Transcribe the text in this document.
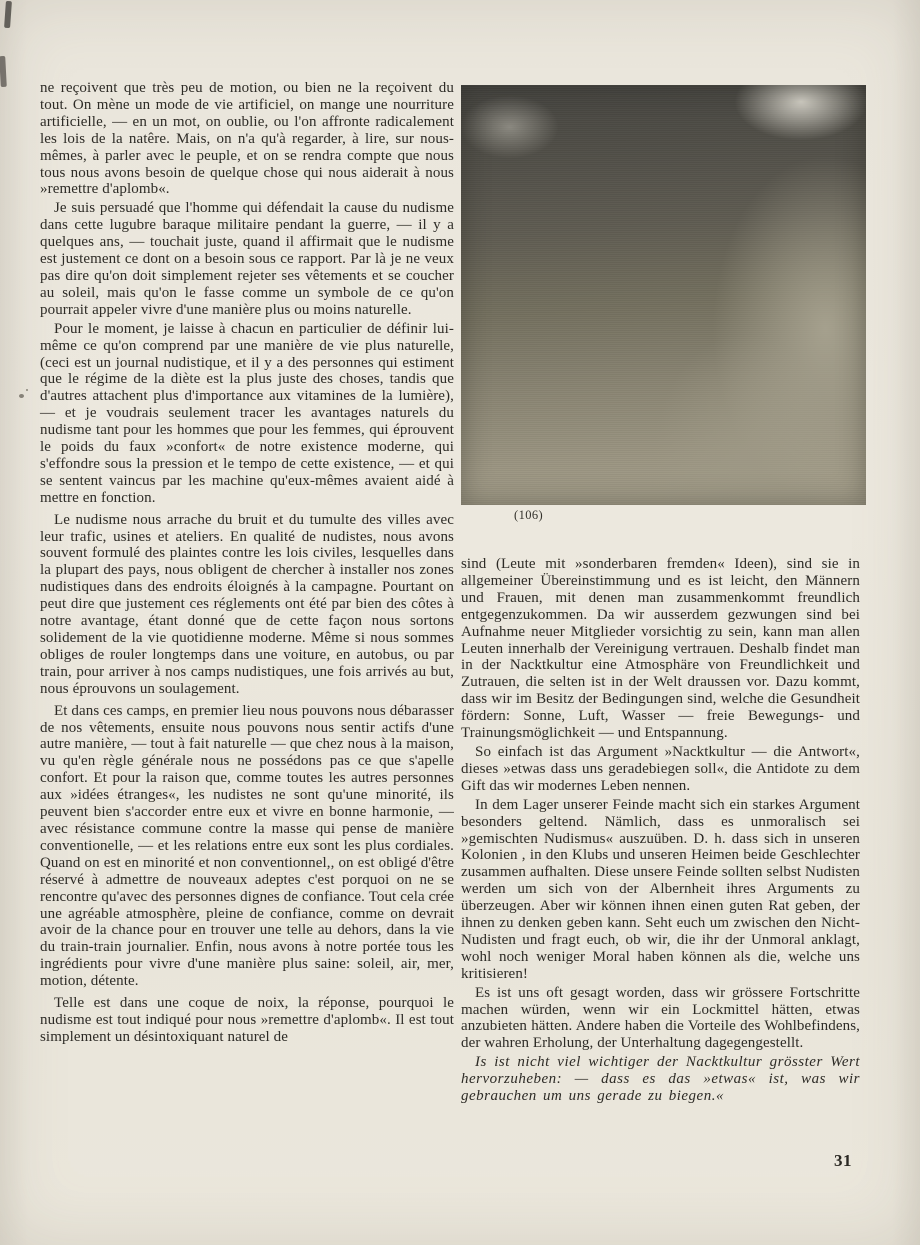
ne reçoivent que très peu de motion, ou bien ne la reçoivent du tout. On mène un mode de vie artificiel, on mange une nourriture artificielle, — en un mot, on oublie, ou l'on affronte radicalement les lois de la natêre. Mais, on n'a qu'à regarder, à lire, sur nous-mêmes, à parler avec le peuple, et on se rendra compte que nous tous nous avons besoin de quelque chose qui nous aiderait à nous »remettre d'aplomb«.

Je suis persuadé que l'homme qui défendait la cause du nudisme dans cette lugubre baraque militaire pendant la guerre, — il y a quelques ans, — touchait juste, quand il affirmait que le nudisme est justement ce dont on a besoin sous ce rapport. Par là je ne veux pas dire qu'on doit simplement rejeter ses vêtements et se coucher au soleil, mais qu'on le fasse comme un symbole de ce qu'on pourrait appeler vivre d'une manière plus ou moins naturelle.

Pour le moment, je laisse à chacun en particulier de définir lui-même ce qu'on comprend par une manière de vie plus naturelle, (ceci est un journal nudistique, et il y a des personnes qui estiment que le régime de la diète est la plus juste des choses, tandis que d'autres attachent plus d'importance aux vitamines de la lumière), — et je voudrais seulement tracer les avantages naturels du nudisme tant pour les hommes que pour les femmes, qui éprouvent le poids du faux »confort« de notre existence moderne, qui s'effondre sous la pression et le tempo de cette existence, — et qui se sentent vaincus par les machine qu'eux-mêmes avaient aidé à mettre en fonction.

Le nudisme nous arrache du bruit et du tumulte des villes avec leur trafic, usines et ateliers. En qualité de nudistes, nous avons souvent formulé des plaintes contre les lois civiles, lesquelles dans la plupart des pays, nous obligent de chercher à installer nos zones nudistiques dans des endroits éloignés à la campagne. Pourtant on peut dire que justement ces réglements ont été par bien des côtes à notre avantage, étant donné que de cette façon nous sortons solidement de la vie quotidienne moderne. Même si nous sommes obliges de rouler longtemps dans une voiture, en autobus, ou par train, pour arriver à nos camps nudistiques, une fois arrivés au but, nous éprouvons un soulagement.

Et dans ces camps, en premier lieu nous pouvons nous débarasser de nos vêtements, ensuite nous pouvons nous sentir actifs d'une autre manière, — tout à fait naturelle — que chez nous à la maison, vu qu'en règle générale nous ne possédons pas ce que s'apelle confort. Et pour la raison que, comme toutes les autres personnes aux »idées étranges«, les nudistes ne sont qu'une minorité, ils peuvent bien s'accorder entre eux et vivre en bonne harmonie, — avec résistance commune contre la masse qui pense de manière conventionelle, — et les relations entre eux sont les plus cordiales. Quand on est en minorité et non conventionnel,, on est obligé d'être réservé à admettre de nouveaux adeptes c'est porquoi on ne se rencontre qu'avec des personnes dignes de confiance. Tout cela crée une agréable atmosphère, pleine de confiance, comme on devrait avoir de la chance pour en trouver une telle au dehors, dans la vie du train-train journalier. Enfin, nous avons à notre portée tous les ingrédients pour vivre d'une manière plus saine: soleil, air, mer, motion, détente.

Telle est dans une coque de noix, la réponse, pourquoi le nudisme est tout indiqué pour nous »remettre d'aplomb«. Il est tout simplement un désintoxiquant naturel de

(106)

sind (Leute mit »sonderbaren fremden« Ideen), sind sie in allgemeiner Übereinstimmung und es ist leicht, den Männern und Frauen, mit denen man zusammenkommt freundlich entgegenzukommen. Da wir ausserdem gezwungen sind bei Aufnahme neuer Mitglieder vorsichtig zu sein, kann man allen Leuten innerhalb der Vereinigung vertrauen. Deshalb findet man in der Nacktkultur eine Atmosphäre von Freundlichkeit und Zutrauen, die selten ist in der Welt draussen vor. Dazu kommt, dass wir im Besitz der Bedingungen sind, welche die Gesundheit fördern: Sonne, Luft, Wasser — freie Bewegungs- und Trainungsmöglichkeit — und Entspannung.

So einfach ist das Argument »Nacktkultur — die Antwort«, dieses »etwas dass uns geradebiegen soll«, die Antidote zu dem Gift das wir modernes Leben nennen.

In dem Lager unserer Feinde macht sich ein starkes Argument besonders geltend. Nämlich, dass es unmoralisch sei »gemischten Nudismus« auszuüben. D. h. dass sich in unseren Kolonien , in den Klubs und unseren Heimen beide Geschlechter zusammen aufhalten. Diese unsere Feinde sollten selbst Nudisten werden um sich von der Albernheit ihres Arguments zu überzeugen. Aber wir können ihnen einen guten Rat geben, der ihnen zu denken geben kann. Seht euch um zwischen den Nicht-Nudisten und fragt euch, ob wir, die ihr der Unmoral anklagt, wohl noch weniger Moral haben können als die, welche uns kritisieren!

Es ist uns oft gesagt worden, dass wir grössere Fortschritte machen würden, wenn wir ein Lockmittel hätten, etwas anzubieten hätten. Andere haben die Vorteile des Wohlbefindens, der wahren Erholung, der Unterhaltung dagegengestellt.

Is ist nicht viel wichtiger der Nacktkultur grösster Wert hervorzuheben: — dass es das »etwas« ist, was wir gebrauchen um uns gerade zu biegen.«

31
